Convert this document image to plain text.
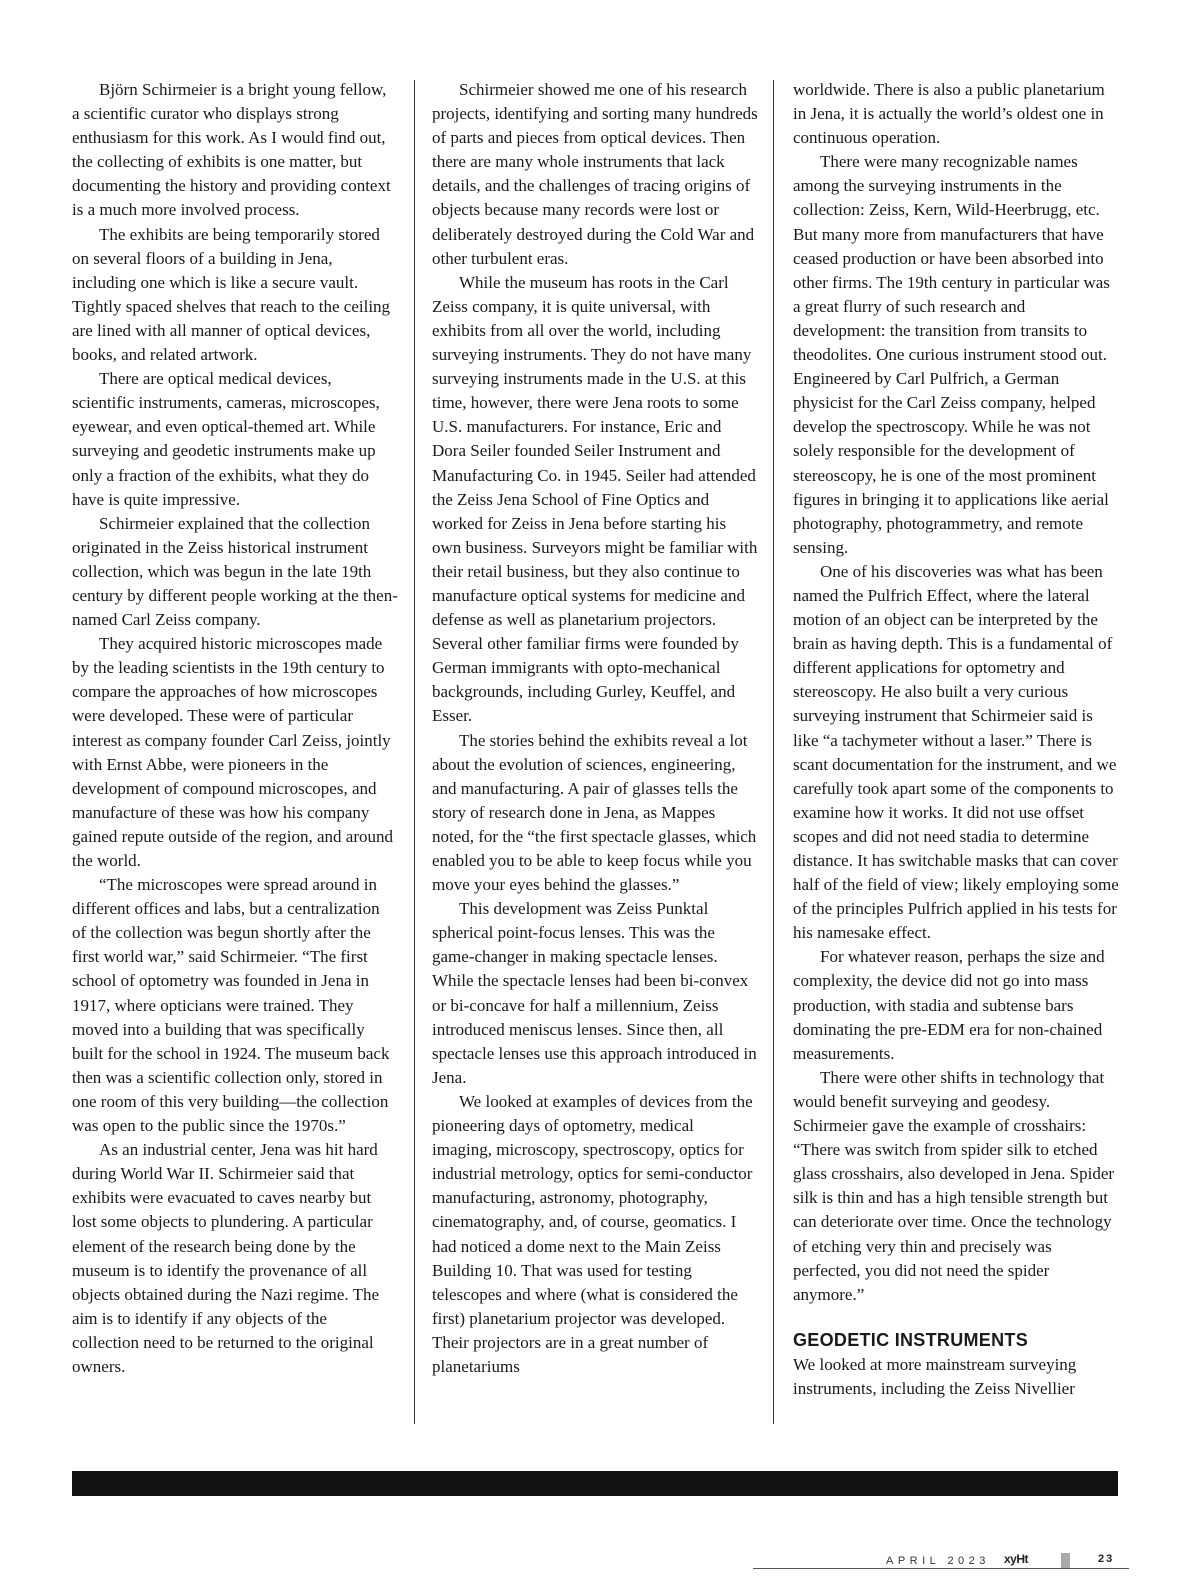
Björn Schirmeier is a bright young fellow, a scientific curator who displays strong enthusiasm for this work. As I would find out, the collecting of exhibits is one matter, but documenting the history and providing context is a much more involved process.

The exhibits are being temporarily stored on several floors of a building in Jena, including one which is like a secure vault. Tightly spaced shelves that reach to the ceiling are lined with all manner of optical devices, books, and related artwork.

There are optical medical devices, scientific instruments, cameras, microscopes, eyewear, and even optical-themed art. While surveying and geodetic instruments make up only a fraction of the exhibits, what they do have is quite impressive.

Schirmeier explained that the collection originated in the Zeiss historical instrument collection, which was begun in the late 19th century by different people working at the then-named Carl Zeiss company.

They acquired historic microscopes made by the leading scientists in the 19th century to compare the approaches of how microscopes were developed. These were of particular interest as company founder Carl Zeiss, jointly with Ernst Abbe, were pioneers in the development of compound microscopes, and manufacture of these was how his company gained repute outside of the region, and around the world.

“The microscopes were spread around in different offices and labs, but a centralization of the collection was begun shortly after the first world war,” said Schirmeier. “The first school of optometry was founded in Jena in 1917, where opticians were trained. They moved into a building that was specifically built for the school in 1924. The museum back then was a scientific collection only, stored in one room of this very building—the collection was open to the public since the 1970s.”

As an industrial center, Jena was hit hard during World War II. Schirmeier said that exhibits were evacuated to caves nearby but lost some objects to plundering. A particular element of the research being done by the museum is to identify the provenance of all objects obtained during the Nazi regime. The aim is to identify if any objects of the collection need to be returned to the original owners.

Schirmeier showed me one of his research projects, identifying and sorting many hundreds of parts and pieces from optical devices. Then there are many whole instruments that lack details, and the challenges of tracing origins of objects because many records were lost or deliberately destroyed during the Cold War and other turbulent eras.

While the museum has roots in the Carl Zeiss company, it is quite universal, with exhibits from all over the world, including surveying instruments. They do not have many surveying instruments made in the U.S. at this time, however, there were Jena roots to some U.S. manufacturers. For instance, Eric and Dora Seiler founded Seiler Instrument and Manufacturing Co. in 1945. Seiler had attended the Zeiss Jena School of Fine Optics and worked for Zeiss in Jena before starting his own business. Surveyors might be familiar with their retail business, but they also continue to manufacture optical systems for medicine and defense as well as planetarium projectors. Several other familiar firms were founded by German immigrants with opto-mechanical backgrounds, including Gurley, Keuffel, and Esser.

The stories behind the exhibits reveal a lot about the evolution of sciences, engineering, and manufacturing. A pair of glasses tells the story of research done in Jena, as Mappes noted, for the “the first spectacle glasses, which enabled you to be able to keep focus while you move your eyes behind the glasses.”

This development was Zeiss Punktal spherical point-focus lenses. This was the game-changer in making spectacle lenses. While the spectacle lenses had been bi-convex or bi-concave for half a millennium, Zeiss introduced meniscus lenses. Since then, all spectacle lenses use this approach introduced in Jena.

We looked at examples of devices from the pioneering days of optometry, medical imaging, microscopy, spectroscopy, optics for industrial metrology, optics for semi-conductor manufacturing, astronomy, photography, cinematography, and, of course, geomatics. I had noticed a dome next to the Main Zeiss Building 10. That was used for testing telescopes and where (what is considered the first) planetarium projector was developed. Their projectors are in a great number of planetariums

worldwide. There is also a public planetarium in Jena, it is actually the world’s oldest one in continuous operation.

There were many recognizable names among the surveying instruments in the collection: Zeiss, Kern, Wild-Heerbrugg, etc. But many more from manufacturers that have ceased production or have been absorbed into other firms. The 19th century in particular was a great flurry of such research and development: the transition from transits to theodolites. One curious instrument stood out. Engineered by Carl Pulfrich, a German physicist for the Carl Zeiss company, helped develop the spectroscopy. While he was not solely responsible for the development of stereoscopy, he is one of the most prominent figures in bringing it to applications like aerial photography, photogrammetry, and remote sensing.

One of his discoveries was what has been named the Pulfrich Effect, where the lateral motion of an object can be interpreted by the brain as having depth. This is a fundamental of different applications for optometry and stereoscopy. He also built a very curious surveying instrument that Schirmeier said is like “a tachymeter without a laser.” There is scant documentation for the instrument, and we carefully took apart some of the components to examine how it works. It did not use offset scopes and did not need stadia to determine distance. It has switchable masks that can cover half of the field of view; likely employing some of the principles Pulfrich applied in his tests for his namesake effect.

For whatever reason, perhaps the size and complexity, the device did not go into mass production, with stadia and subtense bars dominating the pre-EDM era for non-chained measurements.

There were other shifts in technology that would benefit surveying and geodesy. Schirmeier gave the example of crosshairs: “There was switch from spider silk to etched glass crosshairs, also developed in Jena. Spider silk is thin and has a high tensible strength but can deteriorate over time. Once the technology of etching very thin and precisely was perfected, you did not need the spider anymore.”

GEODETIC INSTRUMENTS

We looked at more mainstream surveying instruments, including the Zeiss Nivellier

APRIL 2023 xyHt	23
